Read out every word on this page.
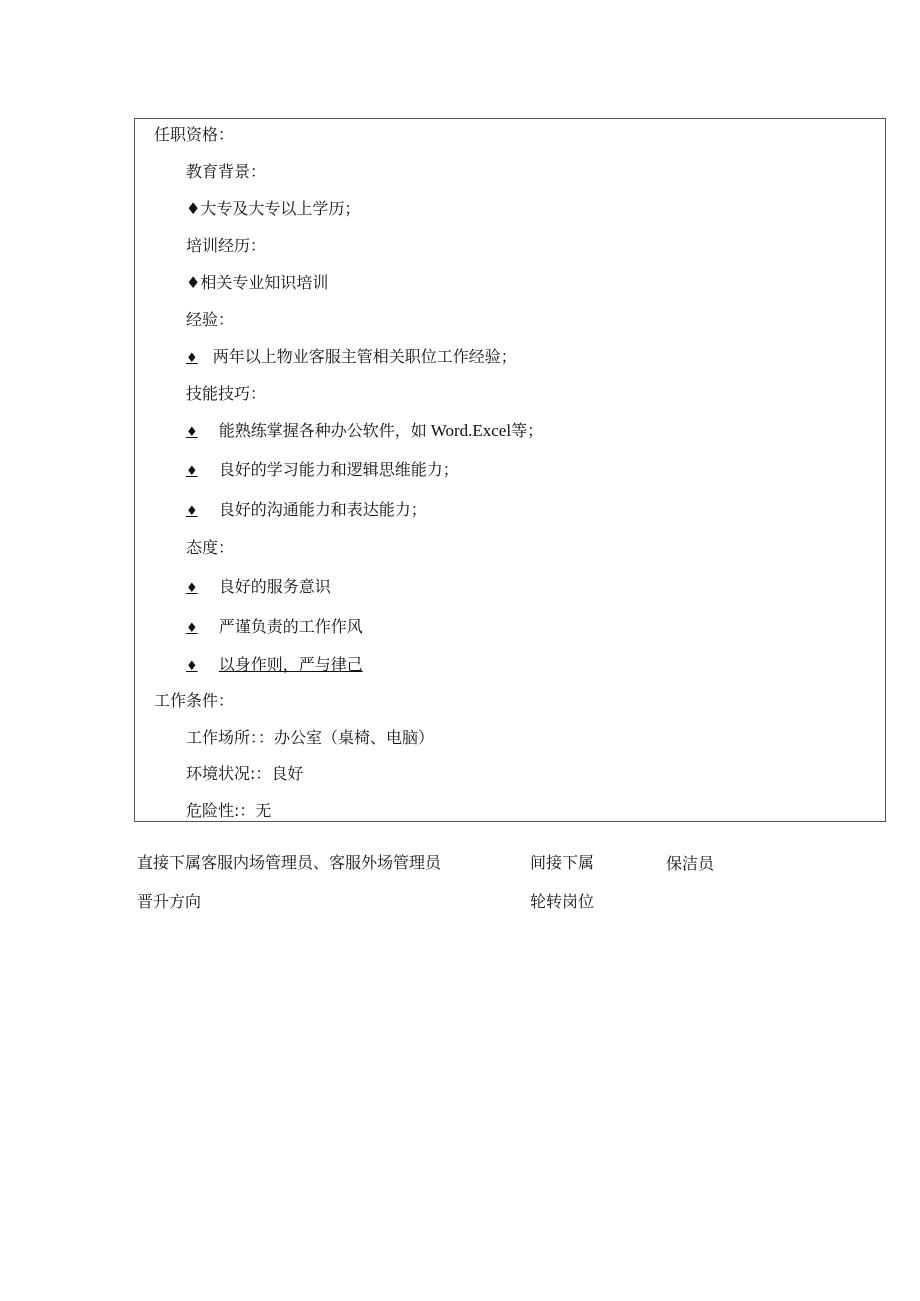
任职资格：
教育背景：
♦大专及大专以上学历；
培训经历：
♦相关专业知识培训
经验：
♦ 两年以上物业客服主管相关职位工作经验；
技能技巧：
♦ 能熟练掌握各种办公软件，如 Word.Excel等；
♦ 良好的学习能力和逻辑思维能力；
♦ 良好的沟通能力和表达能力；
态度：
♦ 良好的服务意识
♦ 严谨负责的工作作风
♦ 以身作则，严与律己
工作条件：
工作场所：：办公室（桌椅、电脑）
环境状况:：良好
危险性:：无
直接下属客服内场管理员、客服外场管理员	间接下属	保洁员
晋升方向	轮转岗位
